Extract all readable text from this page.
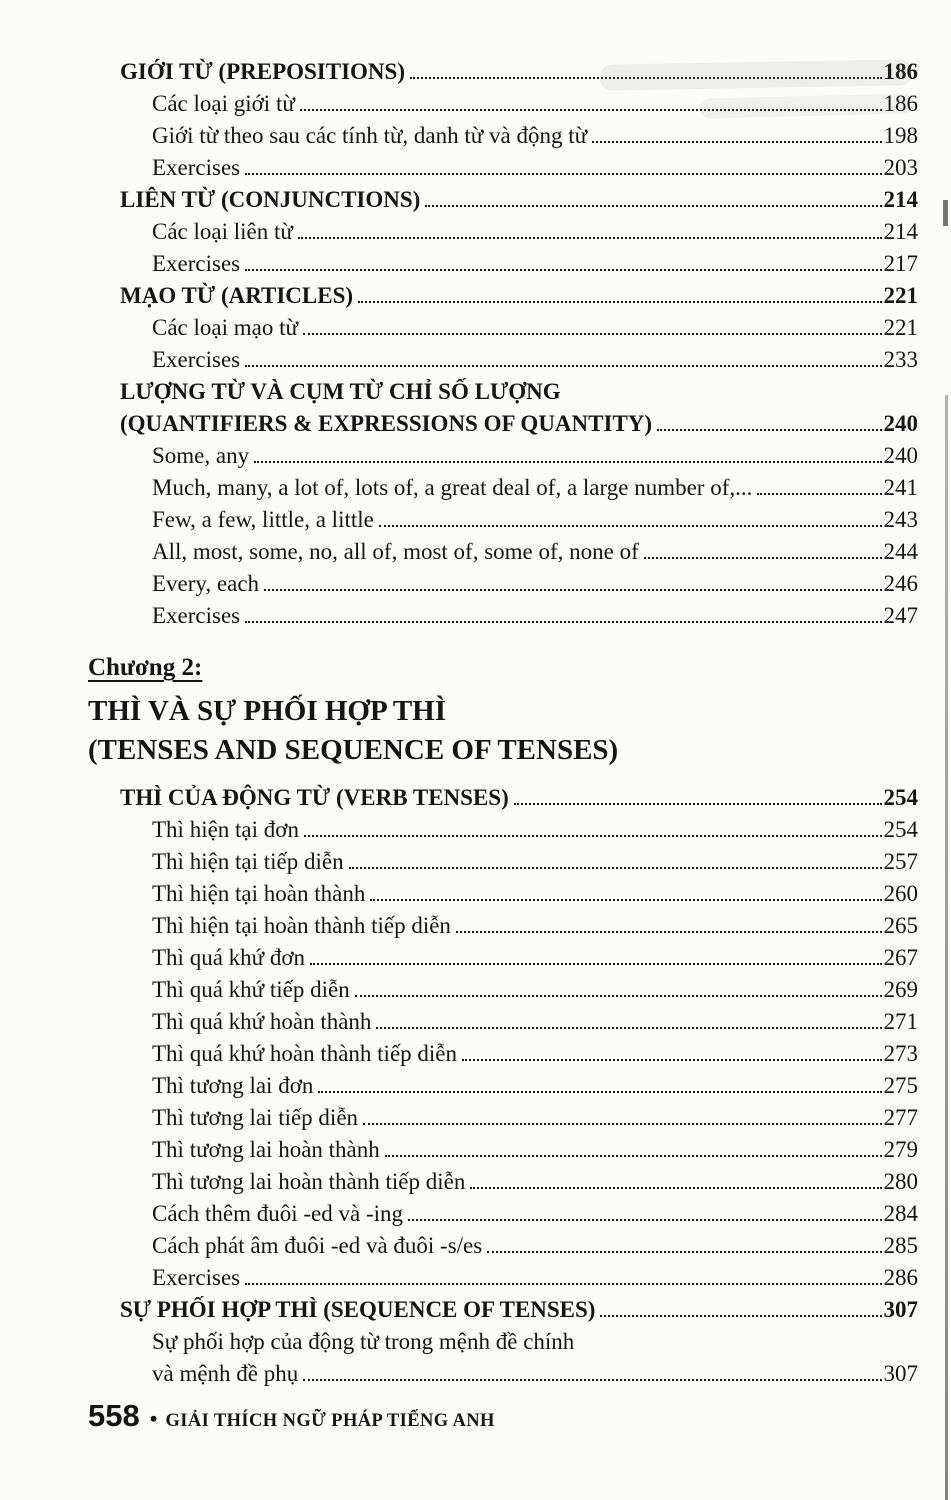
GIỚI TỪ (PREPOSITIONS)	186
Các loại giới từ	186
Giới từ theo sau các tính từ, danh từ và động từ	198
Exercises	203
LIÊN TỪ (CONJUNCTIONS)	214
Các loại liên từ	214
Exercises	217
MẠO TỪ (ARTICLES)	221
Các loại mạo từ	221
Exercises	233
LƯỢNG TỪ VÀ CỤM TỪ CHỈ SỐ LƯỢNG
(QUANTIFIERS & EXPRESSIONS OF QUANTITY)	240
Some, any	240
Much, many, a lot of, lots of, a great deal of, a large number of,...	241
Few, a few, little, a little	243
All, most, some, no, all of, most of, some of, none of	244
Every, each	246
Exercises	247
Chương 2:
THÌ VÀ SỰ PHỐI HỢP THÌ
(TENSES AND SEQUENCE OF TENSES)
THÌ CỦA ĐỘNG TỪ (VERB TENSES)	254
Thì hiện tại đơn	254
Thì hiện tại tiếp diễn	257
Thì hiện tại hoàn thành	260
Thì hiện tại hoàn thành tiếp diễn	265
Thì quá khứ đơn	267
Thì quá khứ tiếp diễn	269
Thì quá khứ hoàn thành	271
Thì quá khứ hoàn thành tiếp diễn	273
Thì tương lai đơn	275
Thì tương lai tiếp diễn	277
Thì tương lai hoàn thành	279
Thì tương lai hoàn thành tiếp diễn	280
Cách thêm đuôi -ed và -ing	284
Cách phát âm đuôi -ed và đuôi -s/es	285
Exercises	286
SỰ PHỐI HỢP THÌ (SEQUENCE OF TENSES)	307
Sự phối hợp của động từ trong mệnh đề chính
và mệnh đề phụ	307
558 • GIẢI THÍCH NGỮ PHÁP TIẾNG ANH
